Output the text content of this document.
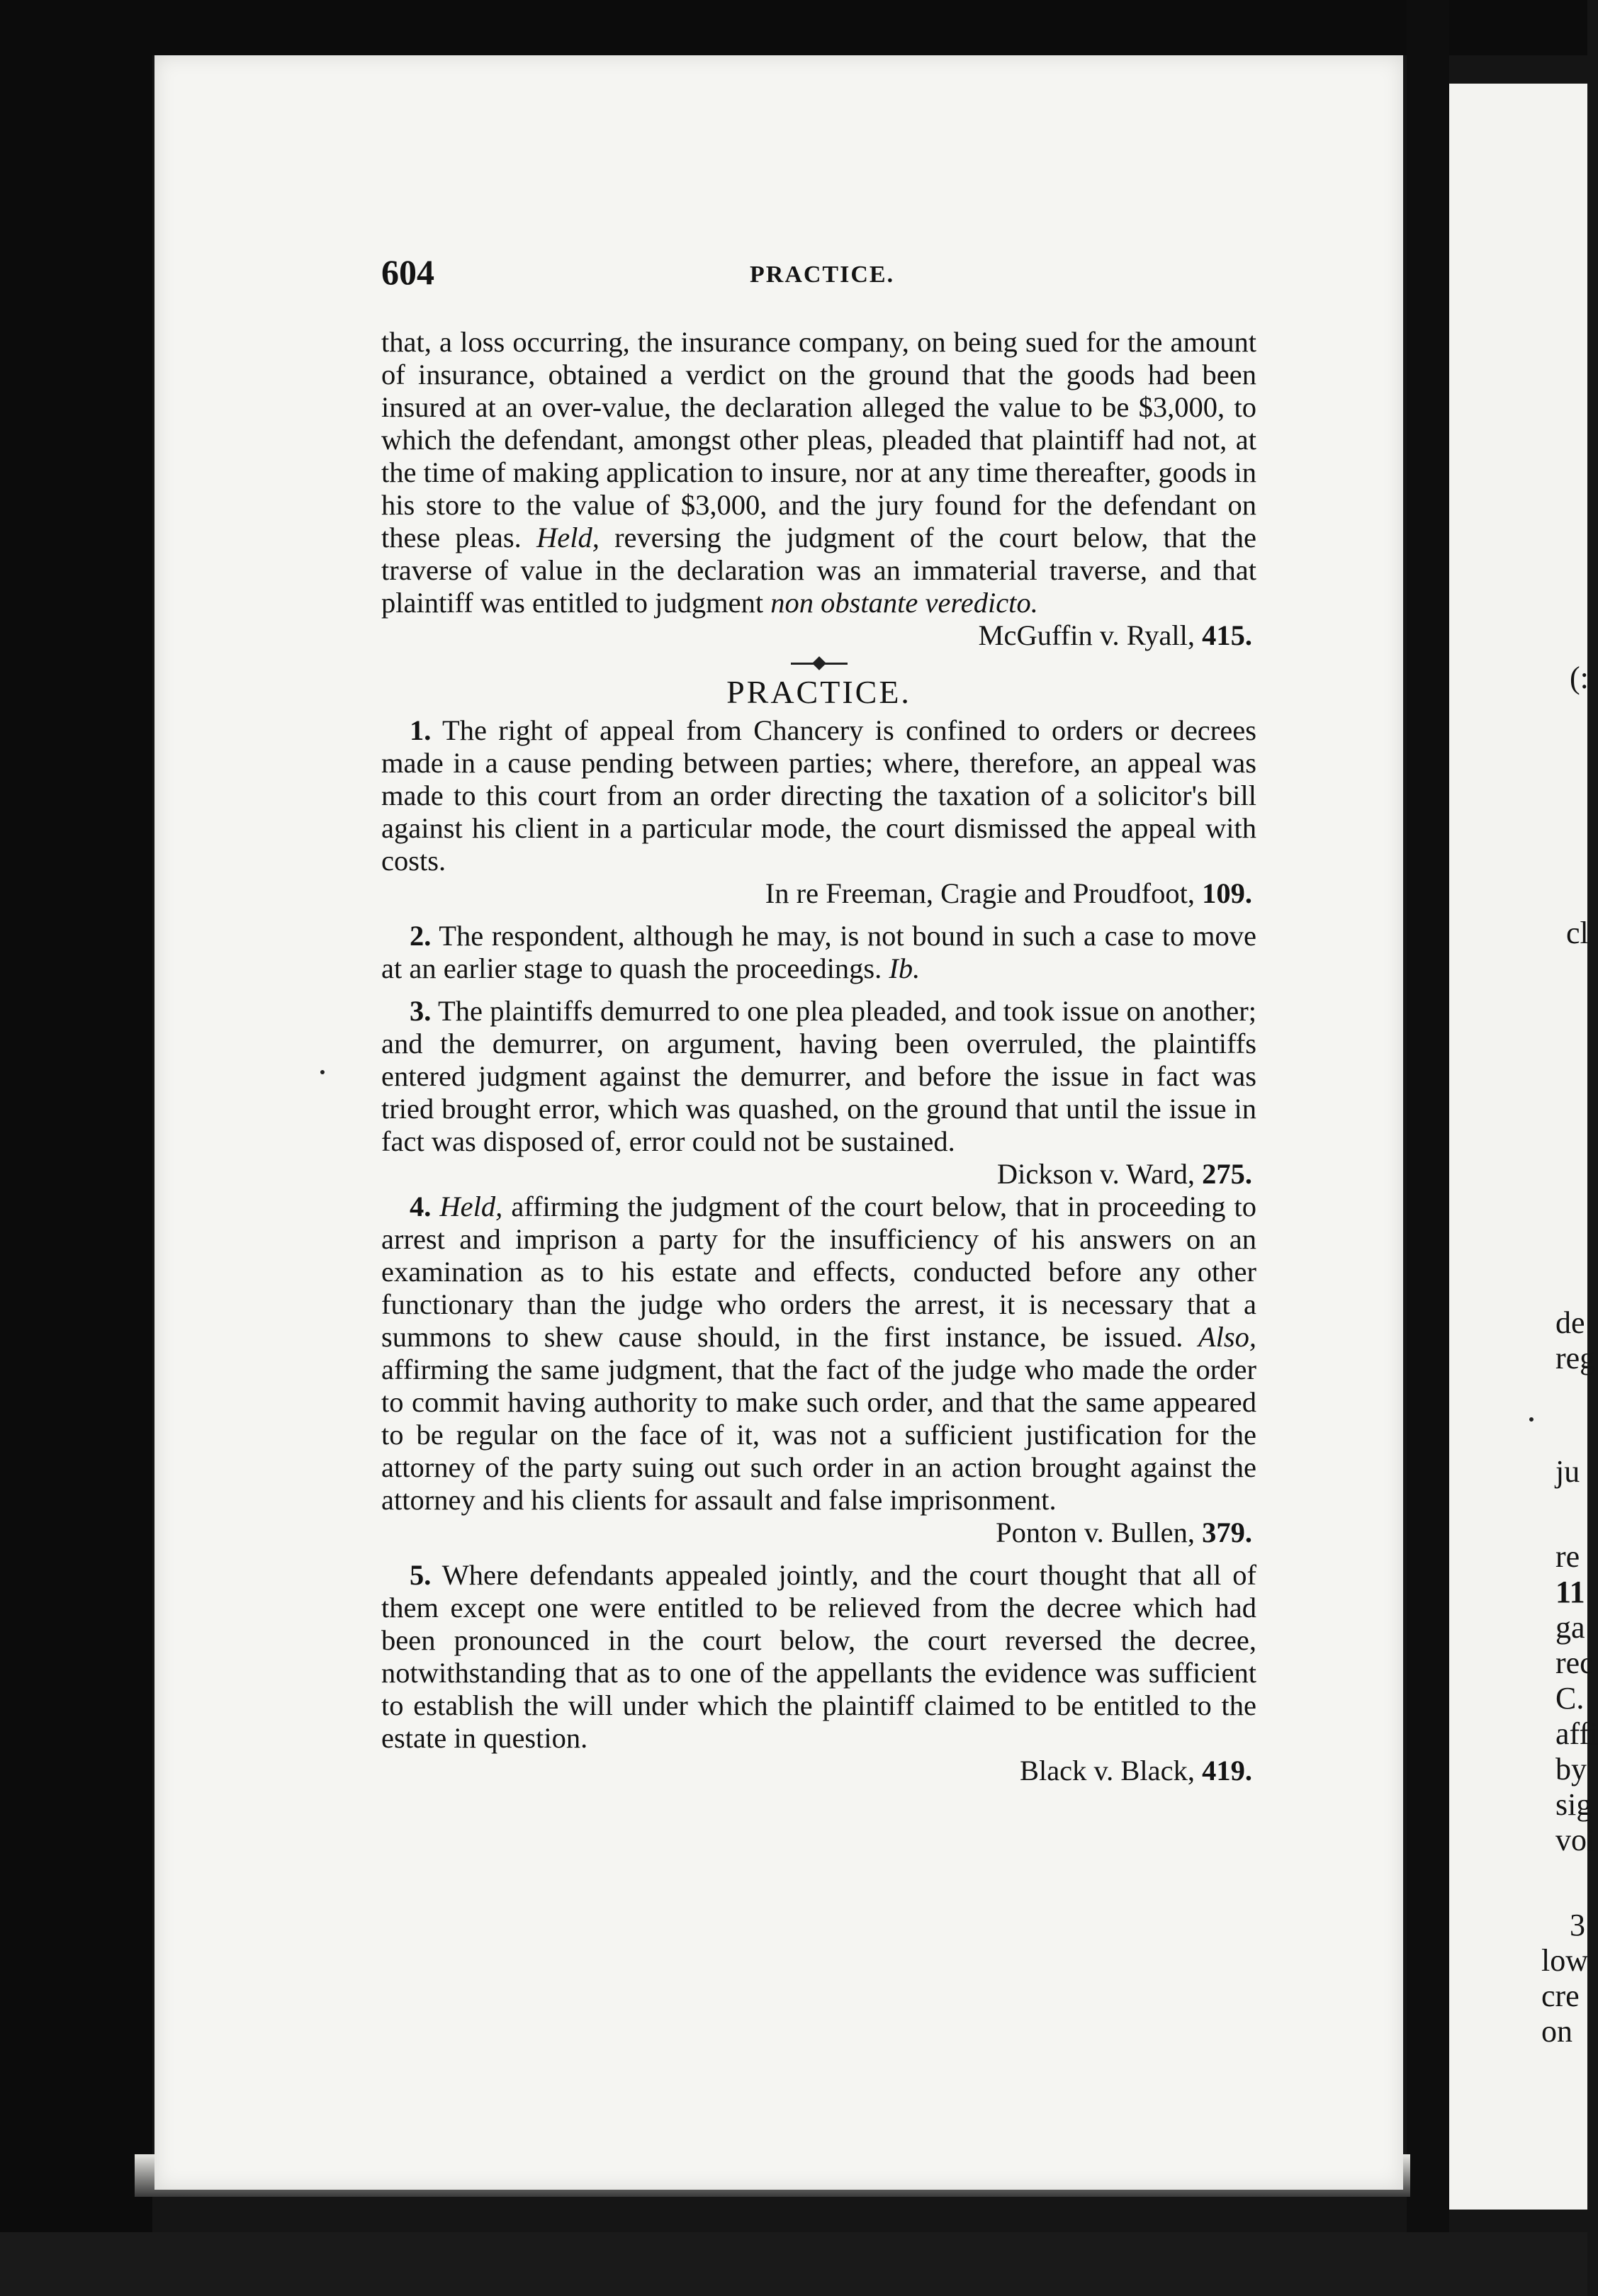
604	PRACTICE.

that, a loss occurring, the insurance company, on being sued for the amount of insurance, obtained a verdict on the ground that the goods had been insured at an over-value, the declaration alleged the value to be $3,000, to which the defendant, amongst other pleas, pleaded that plaintiff had not, at the time of making application to insure, nor at any time thereafter, goods in his store to the value of $3,000, and the jury found for the defendant on these pleas. Held, reversing the judgment of the court below, that the traverse of value in the declaration was an immaterial traverse, and that plaintiff was entitled to judgment non obstante veredicto.

McGuffin v. Ryall, 415.

PRACTICE.

1. The right of appeal from Chancery is confined to orders or decrees made in a cause pending between parties; where, therefore, an appeal was made to this court from an order directing the taxation of a solicitor's bill against his client in a particular mode, the court dismissed the appeal with costs.

In re Freeman, Cragie and Proudfoot, 109.

2. The respondent, although he may, is not bound in such a case to move at an earlier stage to quash the proceedings. Ib.

3. The plaintiffs demurred to one plea pleaded, and took issue on another; and the demurrer, on argument, having been overruled, the plaintiffs entered judgment against the demurrer, and before the issue in fact was tried brought error, which was quashed, on the ground that until the issue in fact was disposed of, error could not be sustained.

Dickson v. Ward, 275.

4. Held, affirming the judgment of the court below, that in proceeding to arrest and imprison a party for the insufficiency of his answers on an examination as to his estate and effects, conducted before any other functionary than the judge who orders the arrest, it is necessary that a summons to shew cause should, in the first instance, be issued. Also, affirming the same judgment, that the fact of the judge who made the order to commit having authority to make such order, and that the same appeared to be regular on the face of it, was not a sufficient justification for the attorney of the party suing out such order in an action brought against the attorney and his clients for assault and false imprisonment.

Ponton v. Bullen, 379.

5. Where defendants appealed jointly, and the court thought that all of them except one were entitled to be relieved from the decree which had been pronounced in the court below, the court reversed the decree, notwithstanding that as to one of the appellants the evidence was sufficient to establish the will under which the plaintiff claimed to be entitled to the estate in question.

Black v. Black, 419.

(:
cl
de
reg
ju
re
11
ga
rec
C.
affi
by
sig
voi
3
low
cre
on
